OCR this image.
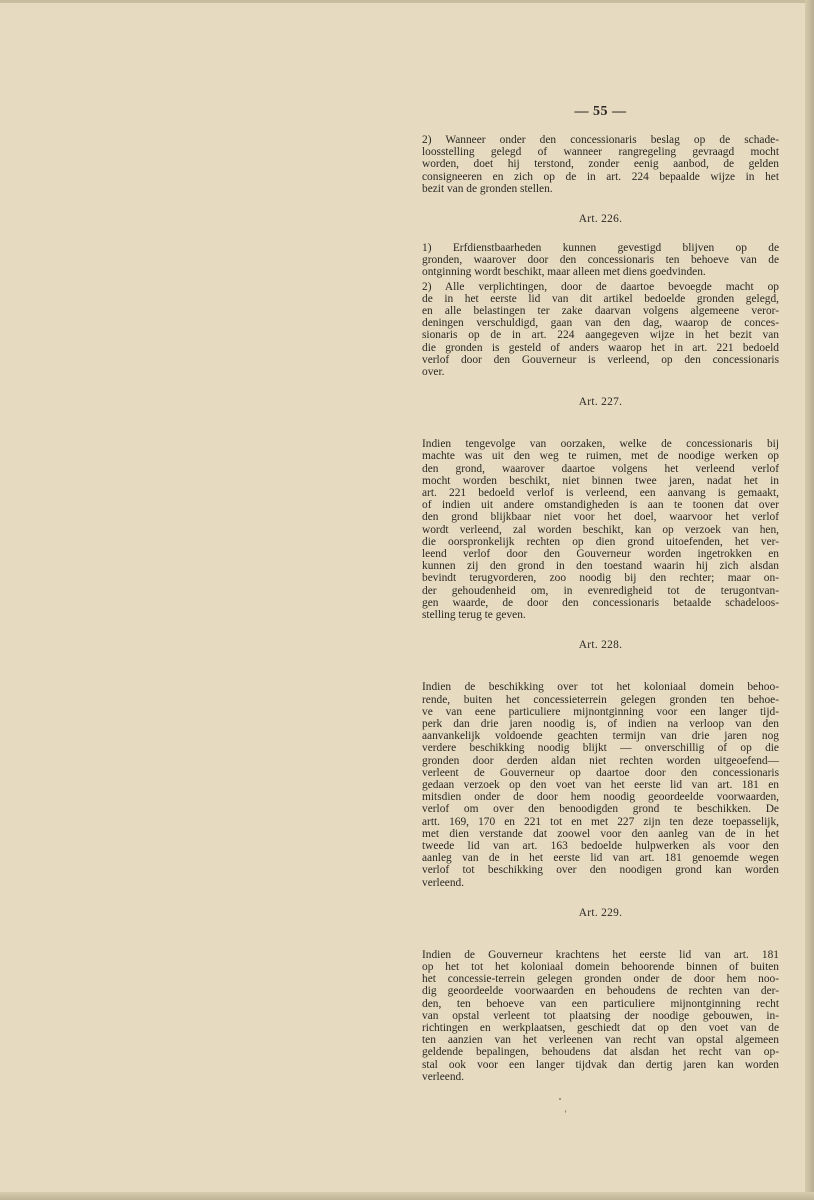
— 55 —
2) Wanneer onder den concessionaris beslag op de schade-
loosstelling gelegd of wanneer rangregeling gevraagd mocht
worden, doet hij terstond, zonder eenig aanbod, de gelden
consigneeren en zich op de in art. 224 bepaalde wijze in het
bezit van de gronden stellen.
Art. 226.
1) Erfdienstbaarheden kunnen gevestigd blijven op de
gronden, waarover door den concessionaris ten behoeve van de
ontginning wordt beschikt, maar alleen met diens goedvinden.
2) Alle verplichtingen, door de daartoe bevoegde macht op
de in het eerste lid van dit artikel bedoelde gronden gelegd,
en alle belastingen ter zake daarvan volgens algemeene veror-
deningen verschuldigd, gaan van den dag, waarop de conces-
sionaris op de in art. 224 aangegeven wijze in het bezit van
die gronden is gesteld of anders waarop het in art. 221 bedoeld
verlof door den Gouverneur is verleend, op den concessionaris
over.
Art. 227.
Indien tengevolge van oorzaken, welke de concessionaris bij
machte was uit den weg te ruimen, met de noodige werken op
den grond, waarover daartoe volgens het verleend verlof
mocht worden beschikt, niet binnen twee jaren, nadat het in
art. 221 bedoeld verlof is verleend, een aanvang is gemaakt,
of indien uit andere omstandigheden is aan te toonen dat over
den grond blijkbaar niet voor het doel, waarvoor het verlof
wordt verleend, zal worden beschikt, kan op verzoek van hen,
die oorspronkelijk rechten op dien grond uitoefenden, het ver-
leend verlof door den Gouverneur worden ingetrokken en
kunnen zij den grond in den toestand waarin hij zich alsdan
bevindt terugvorderen, zoo noodig bij den rechter; maar on-
der gehoudenheid om, in evenredigheid tot de terugontvan-
gen waarde, de door den concessionaris betaalde schadeloos-
stelling terug te geven.
Art. 228.
Indien de beschikking over tot het koloniaal domein behoo-
rende, buiten het concessieterrein gelegen gronden ten behoe-
ve van eene particuliere mijnontginning voor een langer tijd-
perk dan drie jaren noodig is, of indien na verloop van den
aanvankelijk voldoende geachten termijn van drie jaren nog
verdere beschikking noodig blijkt — onverschillig of op die
gronden door derden aldan niet rechten worden uitgeoefend—
verleent de Gouverneur op daartoe door den concessionaris
gedaan verzoek op den voet van het eerste lid van art. 181 en
mitsdien onder de door hem noodig geoordeelde voorwaarden,
verlof om over den benoodigden grond te beschikken. De
artt. 169, 170 en 221 tot en met 227 zijn ten deze toepasselijk,
met dien verstande dat zoowel voor den aanleg van de in het
tweede lid van art. 163 bedoelde hulpwerken als voor den
aanleg van de in het eerste lid van art. 181 genoemde wegen
verlof tot beschikking over den noodigen grond kan worden
verleend.
Art. 229.
Indien de Gouverneur krachtens het eerste lid van art. 181
op het tot het koloniaal domein behoorende binnen of buiten
het concessie-terrein gelegen gronden onder de door hem noo-
dig geoordeelde voorwaarden en behoudens de rechten van der-
den, ten behoeve van een particuliere mijnontginning recht
van opstal verleent tot plaatsing der noodige gebouwen, in-
richtingen en werkplaatsen, geschiedt dat op den voet van de
ten aanzien van het verleenen van recht van opstal algemeen
geldende bepalingen, behoudens dat alsdan het recht van op-
stal ook voor een langer tijdvak dan dertig jaren kan worden
verleend.
